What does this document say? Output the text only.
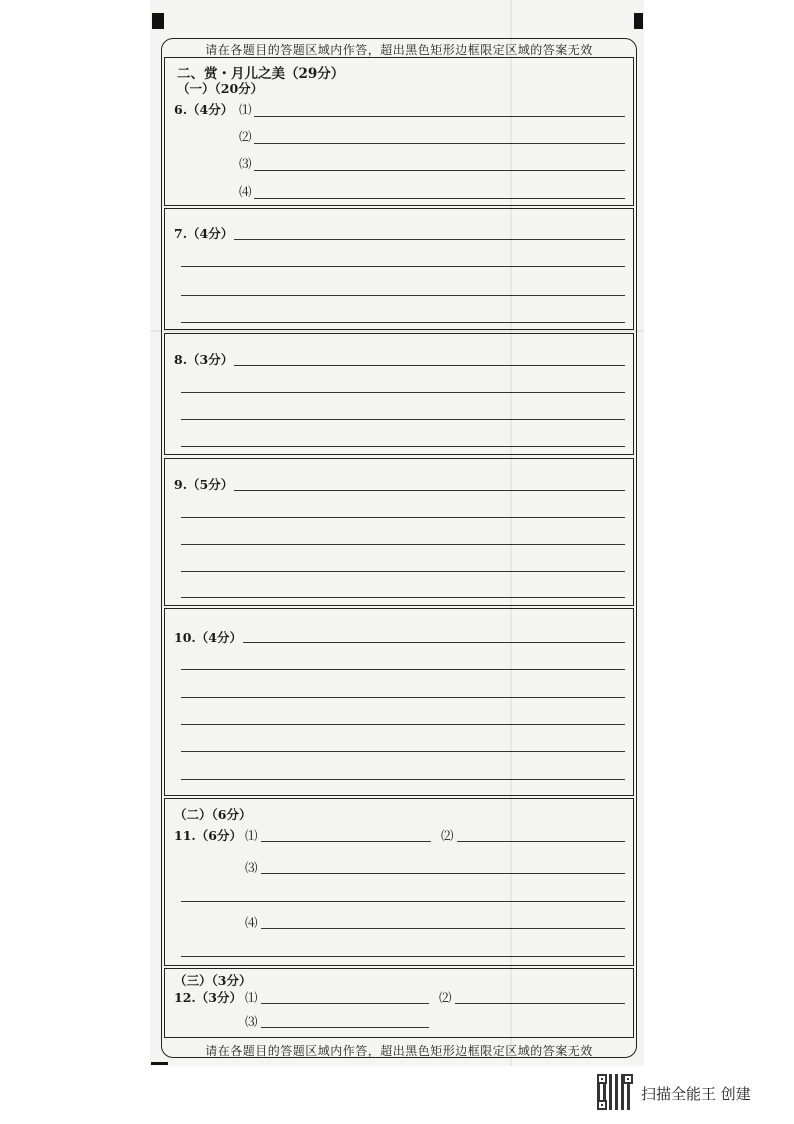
请在各题目的答题区域内作答，超出黑色矩形边框限定区域的答案无效
请在各题目的答题区域内作答，超出黑色矩形边框限定区域的答案无效
二、赏・月儿之美（29分）
（一）（20分）
6.（4分） ⑴
⑵
⑶
⑷
7.（4分）
8.（3分）
9.（5分）
10.（4分）
（二）（6分）
11.（6分） ⑴	⑵
⑶
⑷
（三）（3分）
12.（3分） ⑴	⑵
⑶
扫描全能王 创建
